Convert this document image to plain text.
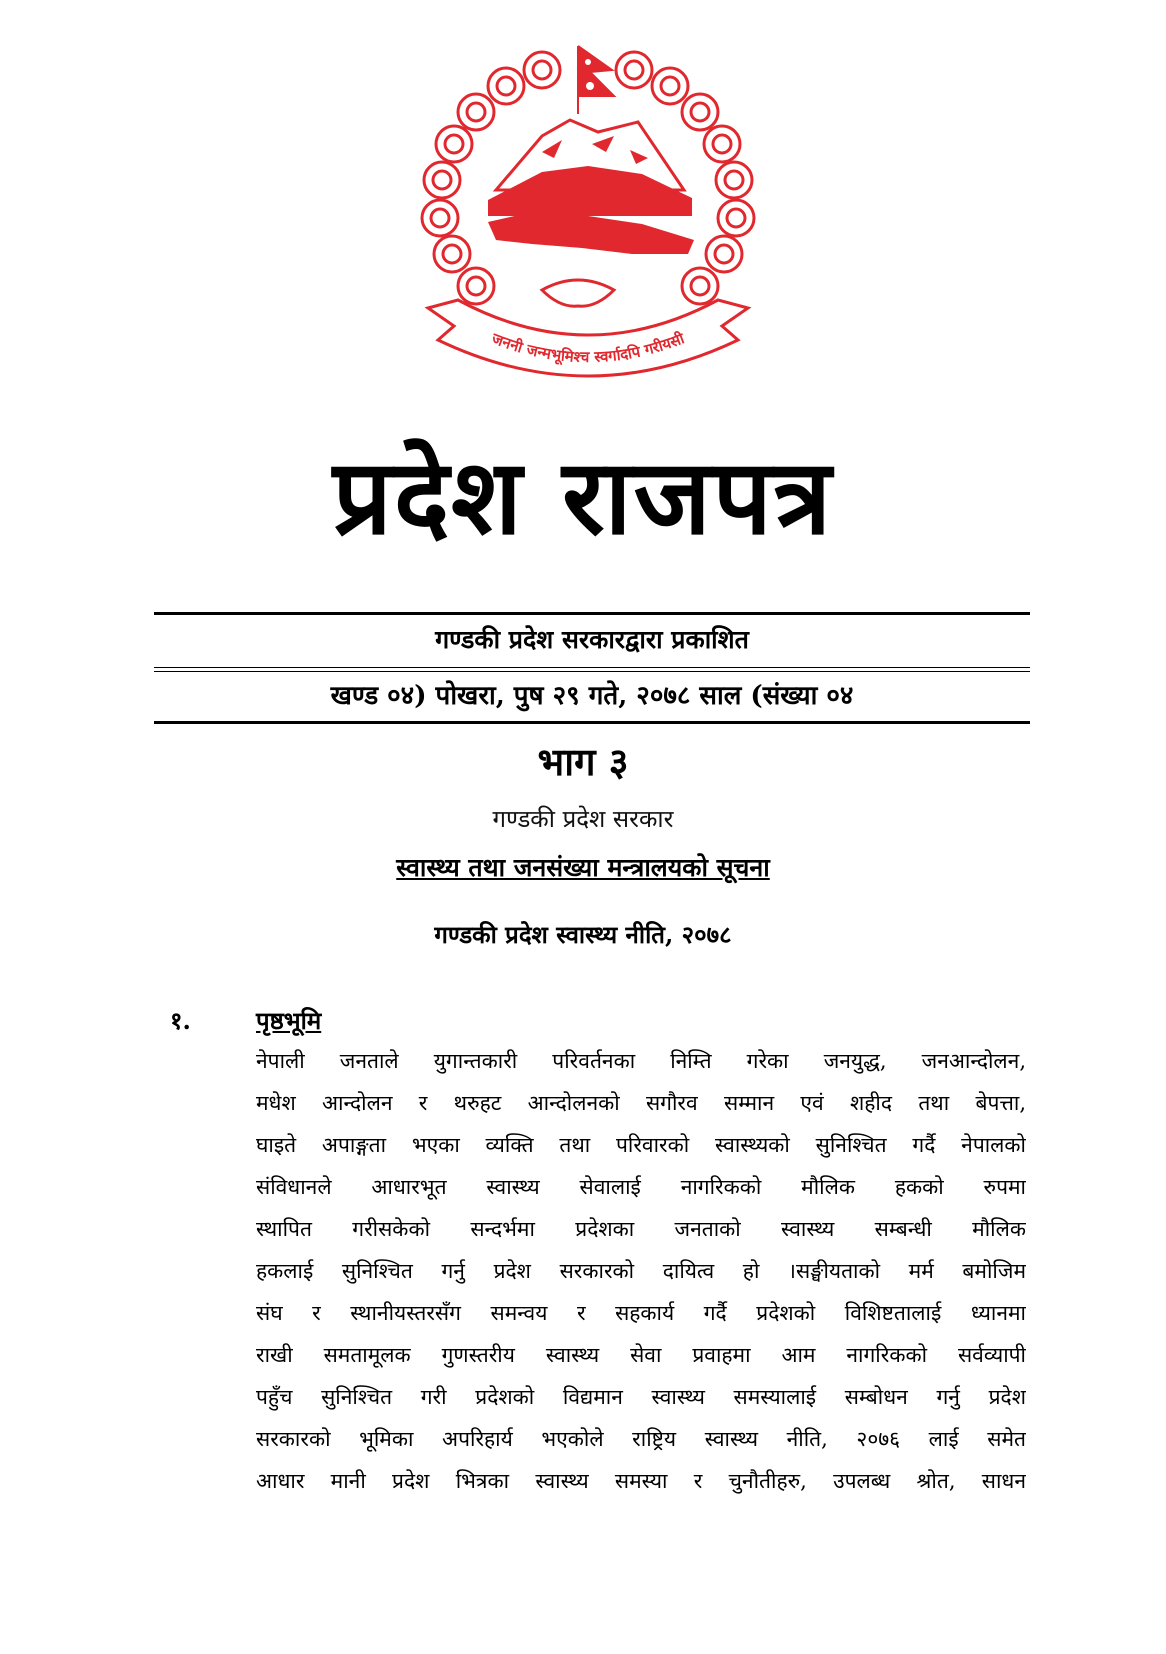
जननी जन्मभूमिश्च स्वर्गादपि गरीयसी
प्रदेश राजपत्र
गण्डकी प्रदेश सरकारद्वारा प्रकाशित
खण्ड ०४) पोखरा, पुष २९ गते, २०७८ साल (संख्या ०४
भाग ३
गण्डकी प्रदेश सरकार
स्वास्थ्य तथा जनसंख्या मन्त्रालयको सूचना
गण्डकी प्रदेश स्वास्थ्य नीति, २०७८
१.	पृष्ठभूमि
नेपाली जनताले युगान्तकारी परिवर्तनका निम्ति गरेका जनयुद्ध, जनआन्दोलन,
मधेश आन्दोलन र थरुहट आन्दोलनको सगौरव सम्मान एवं शहीद तथा बेपत्ता,
घाइते अपाङ्गता भएका व्यक्ति तथा परिवारको स्वास्थ्यको सुनिश्चित गर्दै नेपालको
संविधानले आधारभूत स्वास्थ्य सेवालाई नागरिकको मौलिक हकको रुपमा
स्थापित गरीसकेको सन्दर्भमा प्रदेशका जनताको स्वास्थ्य सम्बन्धी मौलिक
हकलाई सुनिश्चित गर्नु प्रदेश सरकारको दायित्व हो ।सङ्घीयताको मर्म बमोजिम
संघ र स्थानीयस्तरसँग समन्वय र सहकार्य गर्दै प्रदेशको विशिष्टतालाई ध्यानमा
राखी समतामूलक गुणस्तरीय स्वास्थ्य सेवा प्रवाहमा आम नागरिकको सर्वव्यापी
पहुँच सुनिश्चित गरी प्रदेशको विद्यमान स्वास्थ्य समस्यालाई सम्बोधन गर्नु प्रदेश
सरकारको भूमिका अपरिहार्य भएकोले राष्ट्रिय स्वास्थ्य नीति, २०७६ लाई समेत
आधार मानी प्रदेश भित्रका स्वास्थ्य समस्या र चुनौतीहरु, उपलब्ध श्रोत, साधन
